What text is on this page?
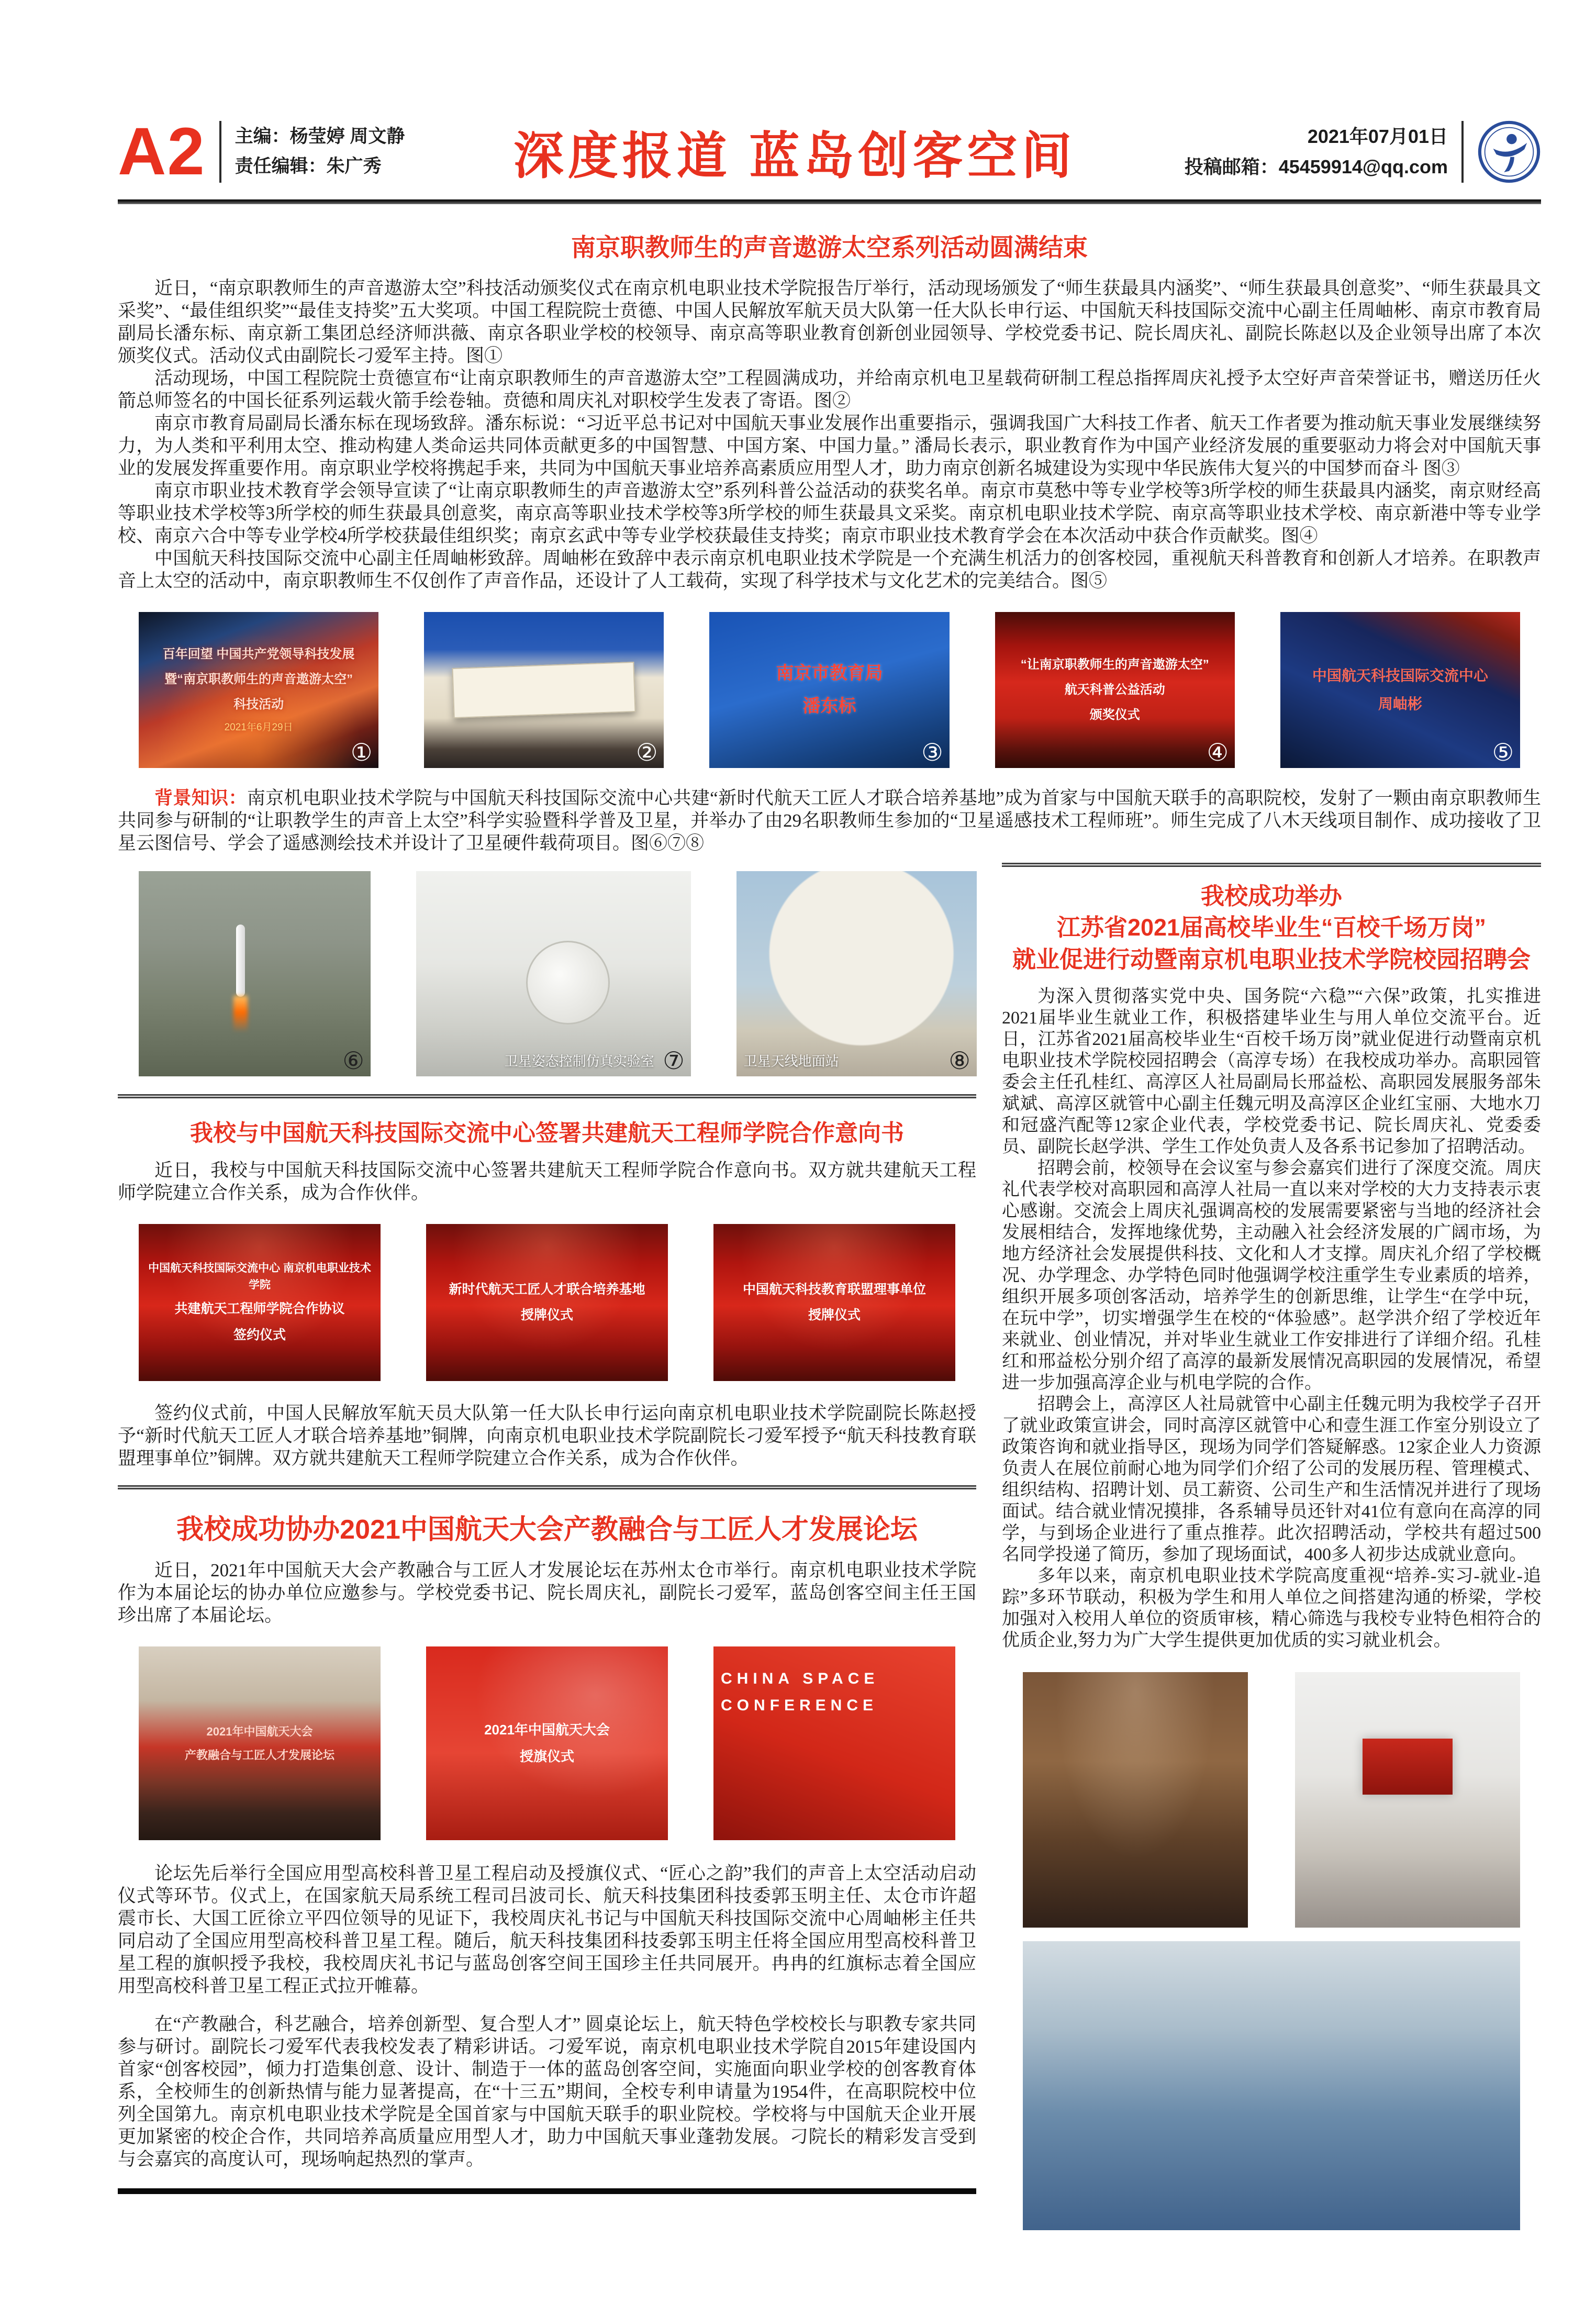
A2 主编：杨莹婷 周文静
责任编辑：朱广秀	深度报道 蓝岛创客空间	2021年07月01日
投稿邮箱：45459914@qq.com
南京职教师生的声音遨游太空系列活动圆满结束

近日，“南京职教师生的声音遨游太空”科技活动颁奖仪式在南京机电职业技术学院报告厅举行，活动现场颁发了“师生获最具内涵奖”、“师生获最具创意奖”、“师生获最具文采奖”、“最佳组织奖”“最佳支持奖”五大奖项。中国工程院院士贲德、中国人民解放军航天员大队第一任大队长申行运、中国航天科技国际交流中心副主任周岫彬、南京市教育局副局长潘东标、南京新工集团总经济师洪薇、南京各职业学校的校领导、南京高等职业教育创新创业园领导、学校党委书记、院长周庆礼、副院长陈赵以及企业领导出席了本次颁奖仪式。活动仪式由副院长刁爱军主持。图①

活动现场，中国工程院院士贲德宣布“让南京职教师生的声音遨游太空”工程圆满成功，并给南京机电卫星载荷研制工程总指挥周庆礼授予太空好声音荣誉证书，赠送历任火箭总师签名的中国长征系列运载火箭手绘卷轴。贲德和周庆礼对职校学生发表了寄语。图②

南京市教育局副局长潘东标在现场致辞。潘东标说：“习近平总书记对中国航天事业发展作出重要指示，强调我国广大科技工作者、航天工作者要为推动航天事业发展继续努力，为人类和平利用太空、推动构建人类命运共同体贡献更多的中国智慧、中国方案、中国力量。” 潘局长表示，职业教育作为中国产业经济发展的重要驱动力将会对中国航天事业的发展发挥重要作用。南京职业学校将携起手来，共同为中国航天事业培养高素质应用型人才，助力南京创新名城建设为实现中华民族伟大复兴的中国梦而奋斗 图③

南京市职业技术教育学会领导宣读了“让南京职教师生的声音遨游太空”系列科普公益活动的获奖名单。南京市莫愁中等专业学校等3所学校的师生获最具内涵奖，南京财经高等职业技术学校等3所学校的师生获最具创意奖，南京高等职业技术学校等3所学校的师生获最具文采奖。南京机电职业技术学院、南京高等职业技术学校、南京新港中等专业学校、南京六合中等专业学校4所学校获最佳组织奖；南京玄武中等专业学校获最佳支持奖；南京市职业技术教育学会在本次活动中获合作贡献奖。图④

中国航天科技国际交流中心副主任周岫彬致辞。周岫彬在致辞中表示南京机电职业技术学院是一个充满生机活力的创客校园，重视航天科普教育和创新人才培养。在职教声音上太空的活动中，南京职教师生不仅创作了声音作品，还设计了人工载荷，实现了科学技术与文化艺术的完美结合。图⑤

百年回望 中国共产党领导科技发展
暨“南京职教师生的声音遨游太空”
科技活动
2021年6月29日
①	②
南京市教育局
潘东标
③
“让南京职教师生的声音遨游太空”
航天科普公益活动
颁奖仪式
④
中国航天科技国际交流中心
周岫彬
⑤

背景知识：南京机电职业技术学院与中国航天科技国际交流中心共建“新时代航天工匠人才联合培养基地”成为首家与中国航天联手的高职院校，发射了一颗由南京职教师生共同参与研制的“让职教学生的声音上太空”科学实验暨科学普及卫星，并举办了由29名职教师生参加的“卫星遥感技术工程师班”。师生完成了八木天线项目制作、成功接收了卫星云图信号、学会了遥感测绘技术并设计了卫星硬件载荷项目。图⑥⑦⑧

⑥	卫星姿态控制仿真实验室 ⑦	卫星天线地面站	⑧
我校与中国航天科技国际交流中心签署共建航天工程师学院合作意向书

近日，我校与中国航天科技国际交流中心签署共建航天工程师学院合作意向书。双方就共建航天工程师学院建立合作关系，成为合作伙伴。

中国航天科技国际交流中心 南京机电职业技术学院
共建航天工程师学院合作协议
签约仪式
新时代航天工匠人才联合培养基地
授牌仪式
中国航天科技教育联盟理事单位
授牌仪式

签约仪式前，中国人民解放军航天员大队第一任大队长申行运向南京机电职业技术学院副院长陈赵授予“新时代航天工匠人才联合培养基地”铜牌，向南京机电职业技术学院副院长刁爱军授予“航天科技教育联盟理事单位”铜牌。双方就共建航天工程师学院建立合作关系，成为合作伙伴。

我校成功协办2021中国航天大会产教融合与工匠人才发展论坛

近日，2021年中国航天大会产教融合与工匠人才发展论坛在苏州太仓市举行。南京机电职业技术学院作为本届论坛的协办单位应邀参与。学校党委书记、院长周庆礼，副院长刁爱军，蓝岛创客空间主任王国珍出席了本届论坛。

2021年中国航天大会
产教融合与工匠人才发展论坛
2021年中国航天大会
授旗仪式
CHINA SPACE
CONFERENCE

论坛先后举行全国应用型高校科普卫星工程启动及授旗仪式、“匠心之韵”我们的声音上太空活动启动仪式等环节。仪式上，在国家航天局系统工程司吕波司长、航天科技集团科技委郭玉明主任、太仓市许超震市长、大国工匠徐立平四位领导的见证下，我校周庆礼书记与中国航天科技国际交流中心周岫彬主任共同启动了全国应用型高校科普卫星工程。随后，航天科技集团科技委郭玉明主任将全国应用型高校科普卫星工程的旗帜授予我校，我校周庆礼书记与蓝岛创客空间王国珍主任共同展开。冉冉的红旗标志着全国应用型高校科普卫星工程正式拉开帷幕。

在“产教融合，科艺融合，培养创新型、复合型人才” 圆桌论坛上，航天特色学校校长与职教专家共同参与研讨。副院长刁爱军代表我校发表了精彩讲话。刁爱军说，南京机电职业技术学院自2015年建设国内首家“创客校园”，倾力打造集创意、设计、制造于一体的蓝岛创客空间，实施面向职业学校的创客教育体系，全校师生的创新热情与能力显著提高，在“十三五”期间，全校专利申请量为1954件，在高职院校中位列全国第九。南京机电职业技术学院是全国首家与中国航天联手的职业院校。学校将与中国航天企业开展更加紧密的校企合作，共同培养高质量应用型人才，助力中国航天事业蓬勃发展。刁院长的精彩发言受到与会嘉宾的高度认可，现场响起热烈的掌声。

我校成功举办
江苏省2021届高校毕业生“百校千场万岗”
就业促进行动暨南京机电职业技术学院校园招聘会

为深入贯彻落实党中央、国务院“六稳”“六保”政策，扎实推进2021届毕业生就业工作，积极搭建毕业生与用人单位交流平台。近日，江苏省2021届高校毕业生“百校千场万岗”就业促进行动暨南京机电职业技术学院校园招聘会（高淳专场）在我校成功举办。高职园管委会主任孔桂红、高淳区人社局副局长邢益松、高职园发展服务部朱斌斌、高淳区就管中心副主任魏元明及高淳区企业红宝丽、大地水刀和冠盛汽配等12家企业代表，学校党委书记、院长周庆礼、党委委员、副院长赵学洪、学生工作处负责人及各系书记参加了招聘活动。

招聘会前，校领导在会议室与参会嘉宾们进行了深度交流。周庆礼代表学校对高职园和高淳人社局一直以来对学校的大力支持表示衷心感谢。交流会上周庆礼强调高校的发展需要紧密与当地的经济社会发展相结合，发挥地缘优势，主动融入社会经济发展的广阔市场，为地方经济社会发展提供科技、文化和人才支撑。周庆礼介绍了学校概况、办学理念、办学特色同时他强调学校注重学生专业素质的培养，组织开展多项创客活动，培养学生的创新思维，让学生“在学中玩，在玩中学”，切实增强学生在校的“体验感”。赵学洪介绍了学校近年来就业、创业情况，并对毕业生就业工作安排进行了详细介绍。孔桂红和邢益松分别介绍了高淳的最新发展情况高职园的发展情况，希望进一步加强高淳企业与机电学院的合作。

招聘会上，高淳区人社局就管中心副主任魏元明为我校学子召开了就业政策宣讲会，同时高淳区就管中心和壹生涯工作室分别设立了政策咨询和就业指导区，现场为同学们答疑解惑。12家企业人力资源负责人在展位前耐心地为同学们介绍了公司的发展历程、管理模式、组织结构、招聘计划、员工薪资、公司生产和生活情况并进行了现场面试。结合就业情况摸排，各系辅导员还针对41位有意向在高淳的同学，与到场企业进行了重点推荐。此次招聘活动，学校共有超过500名同学投递了简历，参加了现场面试，400多人初步达成就业意向。

多年以来，南京机电职业技术学院高度重视“培养-实习-就业-追踪”多环节联动，积极为学生和用人单位之间搭建沟通的桥梁，学校加强对入校用人单位的资质审核，精心筛选与我校专业特色相符合的优质企业,努力为广大学生提供更加优质的实习就业机会。
